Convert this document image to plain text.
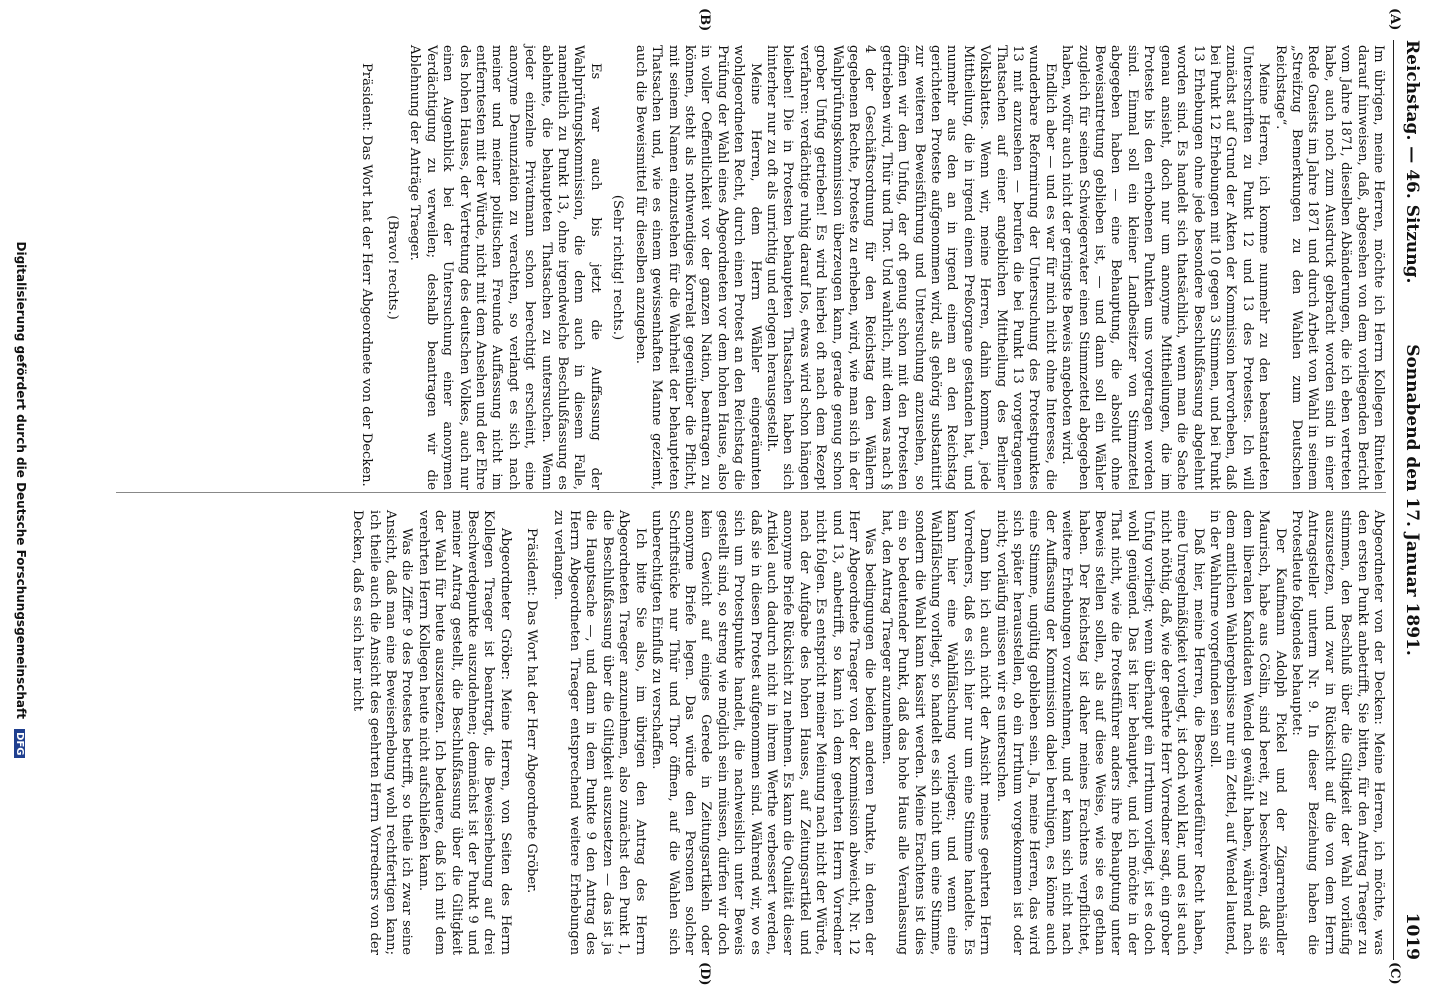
Reichstag. — 46. Sitzung.
Sonnabend den 17. Januar 1891.
1019
(A)
(B)
(C)
(D)

Im übrigen, meine Herren, möchte ich Herrn Kollegen Rintelen darauf hinweisen, daß, abgesehen von dem vorliegenden Bericht vom Jahre 1871, dieselben Abänderungen, die ich eben vertreten habe, auch noch zum Ausdruck gebracht worden sind in einer Rede Gneists im Jahre 1871 und durch Arbeit von Wahl in seinem „Streifzug Bemerkungen zu den Wahlen zum Deutschen Reichstage“.

Meine Herren, ich komme nunmehr zu den beanstandeten Unterschriften zu Punkt 12 und 13 des Protestes. Ich will zunächst auf Grund der Akten der Kommission hervorheben, daß bei Punkt 12 Erhebungen mit 10 gegen 3 Stimmen, und bei Punkt 13 Erhebungen ohne jede besondere Beschlußfassung abgelehnt worden sind. Es handelt sich thatsächlich, wenn man die Sache genau ansieht, doch nur um anonyme Mittheilungen, die im Proteste bis den erhobenen Punkten uns vorgetragen worden sind. Einmal soll ein kleiner Landbesitzer von Stimmzettel abgegeben haben — eine Behauptung, die absolut ohne Beweisantretung geblieben ist, — und dann soll ein Wähler zugleich für seinen Schwiegervater einen Stimmzettel abgegeben haben, wofür auch nicht der geringste Beweis angeboten wird.

Endlich aber — und es war für mich nicht ohne Interesse, die wunderbare Reformirung der Untersuchung des Protestpunktes 13 mit anzusehen — berufen die bei Punkt 13 vorgetragenen Thatsachen auf einer angeblichen Mittheilung des Berliner Volksblattes. Wenn wir, meine Herren, dahin kommen, jede Mittheilung, die in irgend einem Preßorgane gestanden hat, und nunmehr aus den an in irgend einem an den Reichstag gerichteten Proteste aufgenommen wird, als gehörig substantiirt zur weiteren Beweisführung und Untersuchung anzusehen, so öffnen wir dem Unfug, der oft genug schon mit den Protesten getrieben wird, Thür und Thor. Und wahrlich, mit dem was nach § 4 der Geschäftsordnung für den Reichstag den Wählern gegebenen Rechte, Proteste zu erheben, wird, wie man sich in der Wahlprüfungskommission überzeugen kann, gerade genug schon grober Unfug getrieben! Es wird hierbei oft nach dem Rezept verfahren: verdächtige ruhig darauf los, etwas wird schon hängen bleiben! Die in Protesten behaupteten Thatsachen haben sich hinterher nur zu oft als unrichtig und erlogen herausgestellt.

Meine Herren, dem Herrn Wähler eingeräumten wohlgeordneten Recht, durch einen Protest an den Reichstag die Prüfung der Wahl eines Abgeordneten vor dem hohen Hause, also in voller Oeffentlichkeit vor der ganzen Nation, beantragen zu können, steht als nothwendiges Korrelat gegenüber die Pflicht, mit seinem Namen einzustehen für die Wahrheit der behaupteten Thatsachen und, wie es einem gewissenhaften Manne geziemt, auch die Beweismittel für dieselben anzugeben.

(Sehr richtig! rechts.)

Es war auch bis jetzt die Auffassung der Wahlprüfungskommission, die denn auch in diesem Falle, namentlich zu Punkt 13, ohne irgendwelche Beschlußfassung es ablehnte, die behaupteten Thatsachen zu untersuchen. Wenn jeder einzelne Privatmann schon berechtigt erscheint, eine anonyme Denunziation zu verachten, so verlangt es sich nach meiner und meiner politischen Freunde Auffassung nicht im entferntesten mit der Würde, nicht mit dem Ansehen und der Ehre des hohen Hauses, der Vertretung des deutschen Volkes, auch nur einen Augenblick bei der Untersuchung einer anonymen Verdächtigung zu verweilen; deshalb beantragen wir die Ablehnung der Anträge Traeger.

(Bravo! rechts.)

Präsident: Das Wort hat der Herr Abgeordnete von der Decken.

Abgeordneter von der Decken: Meine Herren, ich möchte, was den ersten Punkt anbetrifft, Sie bitten, für den Antrag Traeger zu stimmen, den Beschluß über die Giltigkeit der Wahl vorläufig auszusetzen, und zwar in Rücksicht auf die von dem Herrn Antragsteller unterm Nr. 9. In dieser Beziehung haben die Protestleute folgendes behauptet:

Der Kaufmann Adolph Pickel und der Zigarrenhändler Maurisch, habe aus Cöslin, sind bereit, zu beschwören, daß sie dem liberalen Kandidaten Wendel gewählt haben, während nach dem amtlichen Wahlergebnisse nur ein Zettel, auf Wendel lautend, in der Wahlurne vorgefunden sein soll.

Daß hier, meine Herren, die Beschwerdeführer Recht haben, eine Unregelmäßigkeit vorliegt, ist doch wohl klar, und es ist auch nicht nöthig, daß, wie der geehrte Herr Vorredner sagt, ein grober Unfug vorliegt; wenn überhaupt ein Irrthum vorliegt, ist es doch wohl genügend. Das ist hier behauptet, und ich möchte in der That nicht, wie die Protestführer anders ihre Behauptung unter Beweis stellen sollen, als auf diese Weise, wie sie es gethan haben. Der Reichstag ist daher meines Erachtens verpflichtet, weitere Erhebungen vorzunehmen, und er kann sich nicht nach der Auffassung der Kommission dabei beruhigen, es könne auch eine Stimme, ungültig geblieben sein. Ja, meine Herren, das wird sich später herausstellen, ob ein Irrthum vorgekommen ist oder nicht; vorläufig müssen wir es untersuchen.

Dann bin ich auch nicht der Ansicht meines geehrten Herrn Vorredners, daß es sich hier nur um eine Stimme handelte. Es kann hier eine Wahlfälschung vorliegen; und wenn eine Wahlfälschung vorliegt, so handelt es sich nicht um eine Stimme, sondern die Wahl kann kassirt werden. Meine Erachtens ist dies ein so bedeutender Punkt, daß das hohe Haus alle Veranlassung hat, den Antrag Traeger anzunehmen.

Was bedingungen die beiden anderen Punkte, in denen der Herr Abgeordnete Traeger von der Kommission abweicht, Nr. 12 und 13, anbetrifft, so kann ich dem geehrten Herrn Vorredner nicht folgen. Es entspricht meiner Meinung nach nicht der Würde, nach der Aufgabe des hohen Hauses, auf Zeitungsartikel und anonyme Briefe Rücksicht zu nehmen. Es kann die Qualität dieser Artikel auch dadurch nicht in ihrem Werthe verbessert werden, daß sie in diesen Protest aufgenommen sind. Während wir, wo es sich um Protestpunkte handelt, die nachweislich unter Beweis gestellt sind, so streng wie möglich sein müssen, dürfen wir doch kein Gewicht auf einiges Gerede in Zeitungsartikeln oder anonyme Briefe legen. Das würde den Personen solcher Schriftstücke nur Thür und Thor öffnen, auf die Wahlen sich unberechtigten Einfluß zu verschaffen.

Ich bitte Sie also, im übrigen den Antrag des Herrn Abgeordneten Traeger anzunehmen, also zunächst den Punkt 1, die Beschlußfassung über die Giltigkeit auszusetzen — das ist ja die Hauptsache —, und dann in dem Punkte 9 den Antrag des Herrn Abgeordneten Traeger entsprechend weitere Erhebungen zu verlangen.

Präsident: Das Wort hat der Herr Abgeordnete Gröber.

Abgeordneter Gröber: Meine Herren, von Seiten des Herrn Kollegen Traeger ist beantragt, die Beweiserhebung auf drei Beschwerdepunkte auszudehnen; demnächst ist der Punkt 9 und meiner Antrag gestellt, die Beschlußfassung über die Giltigkeit der Wahl für heute auszusetzen. Ich bedauere, daß ich mit dem verehrten Herrn Kollegen heute nicht aufschließen kann.

Was die Ziffer 9 des Protestes betrifft, so theile ich zwar seine Ansicht, daß man eine Beweiserhebung wohl rechtfertigen kann; ich theile auch die Ansicht des geehrten Herrn Vorredners von der Decken, daß es sich hier nicht

Digitalisierung gefördert durch die Deutsche Forschungsgemeinschaft DFG
